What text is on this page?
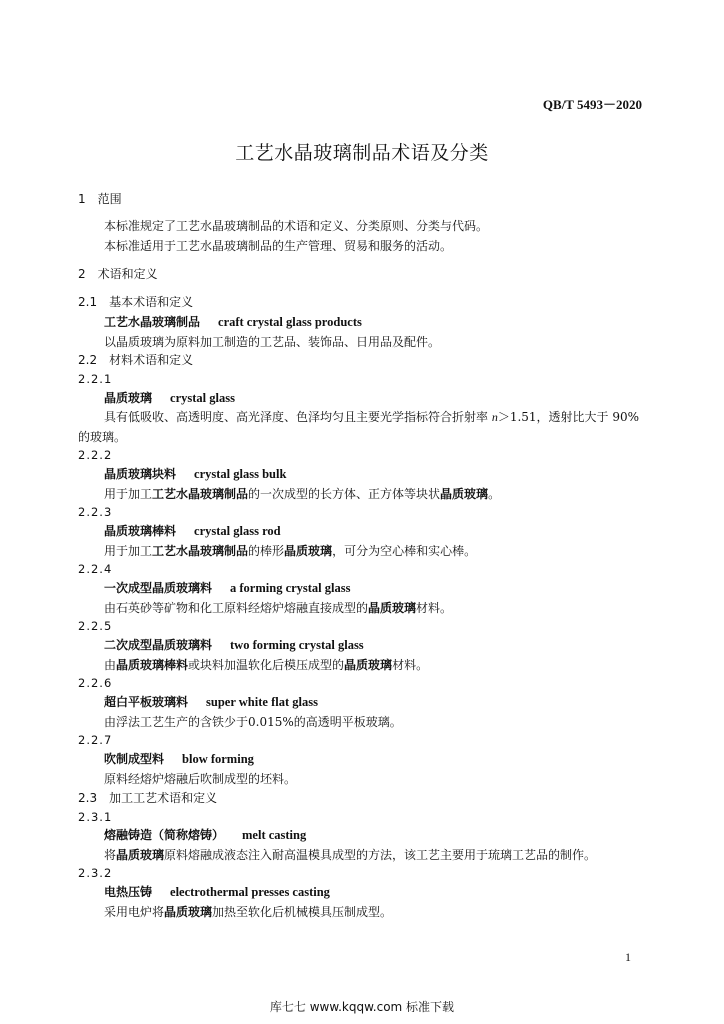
QB/T 5493－2020
工艺水晶玻璃制品术语及分类
1　范围
本标准规定了工艺水晶玻璃制品的术语和定义、分类原则、分类与代码。
本标准适用于工艺水晶玻璃制品的生产管理、贸易和服务的活动。
2　术语和定义
2.1　基本术语和定义
工艺水晶玻璃制品 craft crystal glass products
以晶质玻璃为原料加工制造的工艺品、装饰品、日用品及配件。
2.2　材料术语和定义
2.2.1
晶质玻璃 crystal glass
具有低吸收、高透明度、高光泽度、色泽均匀且主要光学指标符合折射率 n＞1.51，透射比大于 90%
的玻璃。
2.2.2
晶质玻璃块料 crystal glass bulk
用于加工工艺水晶玻璃制品的一次成型的长方体、正方体等块状晶质玻璃。
2.2.3
晶质玻璃棒料 crystal glass rod
用于加工工艺水晶玻璃制品的棒形晶质玻璃，可分为空心棒和实心棒。
2.2.4
一次成型晶质玻璃料 a forming crystal glass
由石英砂等矿物和化工原料经熔炉熔融直接成型的晶质玻璃材料。
2.2.5
二次成型晶质玻璃料 two forming crystal glass
由晶质玻璃棒料或块料加温软化后模压成型的晶质玻璃材料。
2.2.6
超白平板玻璃料 super white flat glass
由浮法工艺生产的含铁少于0.015%的高透明平板玻璃。
2.2.7
吹制成型料 blow forming
原料经熔炉熔融后吹制成型的坯料。
2.3　加工工艺术语和定义
2.3.1
熔融铸造（简称熔铸） melt casting
将晶质玻璃原料熔融成液态注入耐高温模具成型的方法，该工艺主要用于琉璃工艺品的制作。
2.3.2
电热压铸 electrothermal presses casting
采用电炉将晶质玻璃加热至软化后机械模具压制成型。
1
库七七 www.kqqw.com 标准下载
